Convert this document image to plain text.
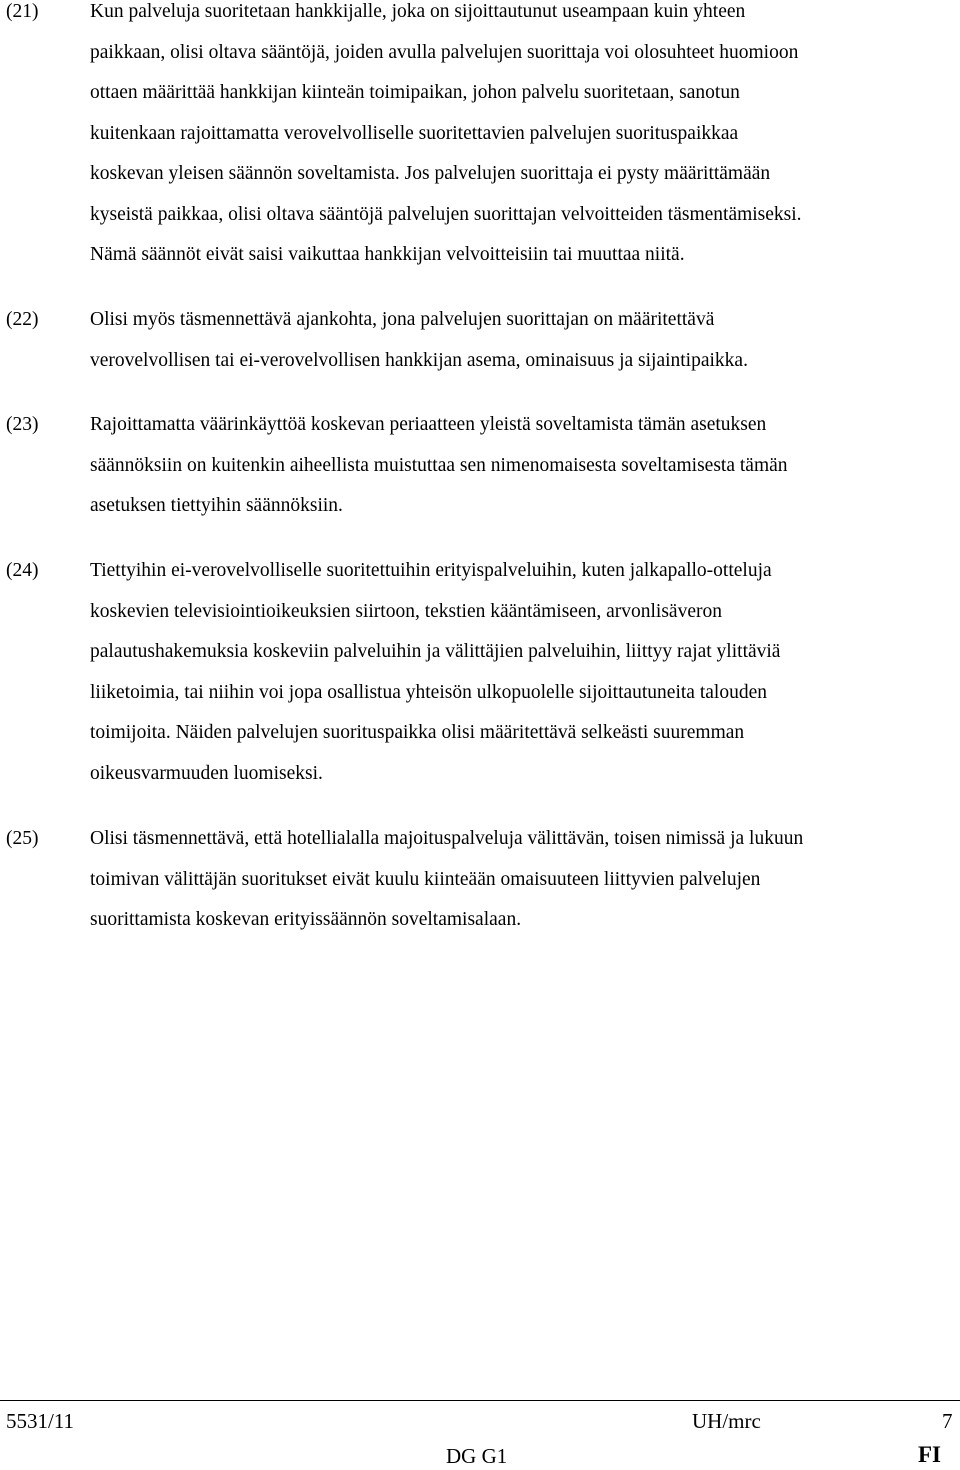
(21)	Kun palveluja suoritetaan hankkijalle, joka on sijoittautunut useampaan kuin yhteen
paikkaan, olisi oltava sääntöjä, joiden avulla palvelujen suorittaja voi olosuhteet huomioon
ottaen määrittää hankkijan kiinteän toimipaikan, johon palvelu suoritetaan, sanotun
kuitenkaan rajoittamatta verovelvolliselle suoritettavien palvelujen suorituspaikkaa
koskevan yleisen säännön soveltamista. Jos palvelujen suorittaja ei pysty määrittämään
kyseistä paikkaa, olisi oltava sääntöjä palvelujen suorittajan velvoitteiden täsmentämiseksi.
Nämä säännöt eivät saisi vaikuttaa hankkijan velvoitteisiin tai muuttaa niitä.
(22)	Olisi myös täsmennettävä ajankohta, jona palvelujen suorittajan on määritettävä
verovelvollisen tai ei-verovelvollisen hankkijan asema, ominaisuus ja sijaintipaikka.
(23)	Rajoittamatta väärinkäyttöä koskevan periaatteen yleistä soveltamista tämän asetuksen
säännöksiin on kuitenkin aiheellista muistuttaa sen nimenomaisesta soveltamisesta tämän
asetuksen tiettyihin säännöksiin.
(24)	Tiettyihin ei-verovelvolliselle suoritettuihin erityispalveluihin, kuten jalkapallo-otteluja
koskevien televisiointioikeuksien siirtoon, tekstien kääntämiseen, arvonlisäveron
palautushakemuksia koskeviin palveluihin ja välittäjien palveluihin, liittyy rajat ylittäviä
liiketoimia, tai niihin voi jopa osallistua yhteisön ulkopuolelle sijoittautuneita talouden
toimijoita. Näiden palvelujen suorituspaikka olisi määritettävä selkeästi suuremman
oikeusvarmuuden luomiseksi.
(25)	Olisi täsmennettävä, että hotellialalla majoituspalveluja välittävän, toisen nimissä ja lukuun
toimivan välittäjän suoritukset eivät kuulu kiinteään omaisuuteen liittyvien palvelujen
suorittamista koskevan erityissäännön soveltamisalaan.
5531/11	UH/mrc	7
DG G1	FI
